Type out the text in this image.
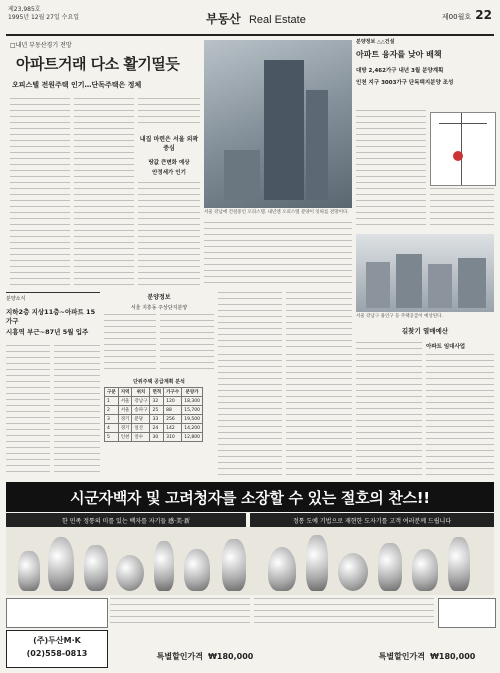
제23,985호
1995년 12월 27일 수요일	부동산 Real Estate	제00월호 22
□내년 부동산경기 전망
아파트거래 다소 활기띨듯
오피스텔 전원주택 인기…단독주택은 정체
내집 마련은 서울 외곽 중심
땅값 큰변화 예상
안정세가 인기
서울 강남에 건설중인 오피스텔. 내년엔 오피스텔 분양이 잇따를 전망이다.
분양정보 △△건설
아파트 융자를 낮아 배책
대방 2,462가구 내년 3월 분양계획
인천 지구 3003가구 단독택지분양 조성
서울 강남구 용인구 등 주택공급이 예상된다.
길찾기 열매예산
아파트 임대사업
분양소식
지하2층 지상11층~아파트 15가구
시흥역 부근~87년 5월 입주
분양정보
서울 지흥동 주상단지분양
단위주택 공급계획 분석
구분	지역	위치	면적	가구수	분양가
1	서울	강남구	32	120	18,300
2	서울	송파구	25	88	15,700
3	경기	분당	33	256	19,500
4	경기	일산	24	142	14,200
5	인천	연수	30	310	12,800
시군자백자 및 고려청자를 소장할 수 있는 절호의 찬스!!
한 민족 정통의 미를 있는 백자를 자기들 感·美·新	정통 도예 기법으로 재현한 도자기를 고객 여러분께 드립니다
(주)두산M·K
(02)558-0813	특별할인가격 ₩180,000	특별할인가격 ₩180,000
